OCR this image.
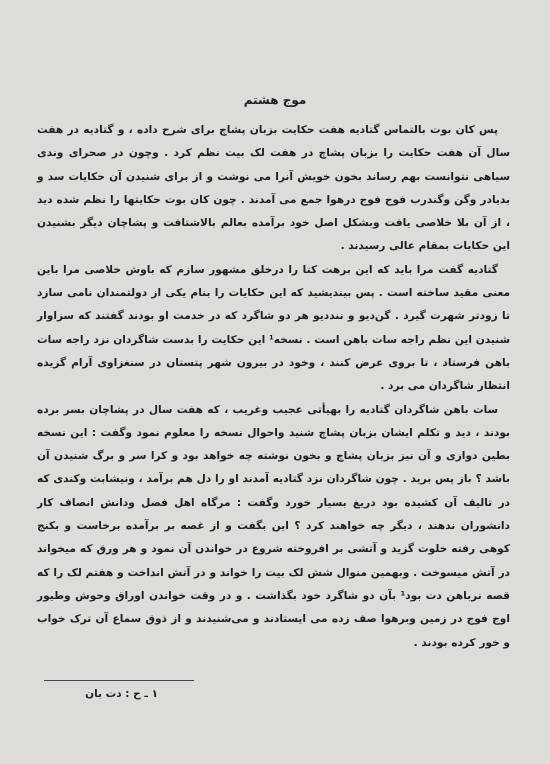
موج هشتم

پس کان بوت بالتماس گتادیه هفت حکایت بزبان پشاچ برای شرح داده ، و گتادیه در هفت سال آن هفت حکایت را بزبان پشاچ در هفت لک بیت نظم کرد . وچون در صحرای وندی سیاهی نتوانست بهم رساند بخون خویش آنرا می نوشت و از برای شنیدن آن حکایات سد و بدیادر وگن وگندرب فوج فوج درهوا جمع می آمدند . چون کان بوت حکایتها را نظم شده دید ، از آن بلا خلاصی یافت وبشکل اصل خود برآمده بعالم بالاشتافت و پشاچان دیگر بشنیدن این حکایات بمقام عالی رسیدند .

گتادیه گفت مرا باید که این برهت کتا را درخلق مشهور سازم که باوش خلاصی مرا باین معنی مقید ساخته است . پس بیندیشید که این حکایات را بنام یکی از دولتمندان نامی سازد تا زودتر شهرت گیرد . گن‌دیو و نندديو هر دو شاگرد که در خدمت او بودند گفتند که سزاوار شنیدن این نظم راجه سات باهن است . نسخه¹ این حکایت را بدست شاگردان نزد راجه سات باهن فرستاد ، تا بروی عرض کنند ، وخود در بیرون شهر پتستان در سنغزاوی آرام گزیده انتظار شاگردان می برد .

سات باهن شاگردان گتادیه را بهیأتی عجیب وغریب ، که هفت سال در پشاچان بسر برده بودند ، دید و تکلم ایشان بزبان پشاچ شنید واحوال نسخه را معلوم نمود وگفت : این نسخه بطین دوازی و آن نیز بزبان پشاچ و بخون نوشته چه خواهد بود و کرا سر و برگ شنیدن آن باشد ؟ باز پس برید . چون شاگردان نزد گتادیه آمدند او را دل هم برآمد ، ونیشابت وکندی که در تالیف آن کشیده بود دریغ بسیار خورد وگفت : مرگاه اهل فضل ودانش انصاف کار دانشوران ندهند ، دیگر چه خواهند کرد ؟ این بگفت و از غصه بر برآمده برخاست و بکنج کوهی رفته خلوت گزید و آتشی بر افروخته شروع در خواندن آن نمود و هر ورق که میخواند در آتش میسوخت . وبهمین منوال شش لک بیت را خواند و در آتش انداخت و هفتم لک را که قصه نرباهن دت بود¹ بآن دو شاگرد خود بگذاشت . و در وقت خواندن اوراق وحوش وطیور اوج فوج در زمین وبرهوا صف زده می ایستادند و می‌شنیدند و از ذوق سماع آن ترک خواب و خور کرده بودند .

۱ ـ ح : دت بان
